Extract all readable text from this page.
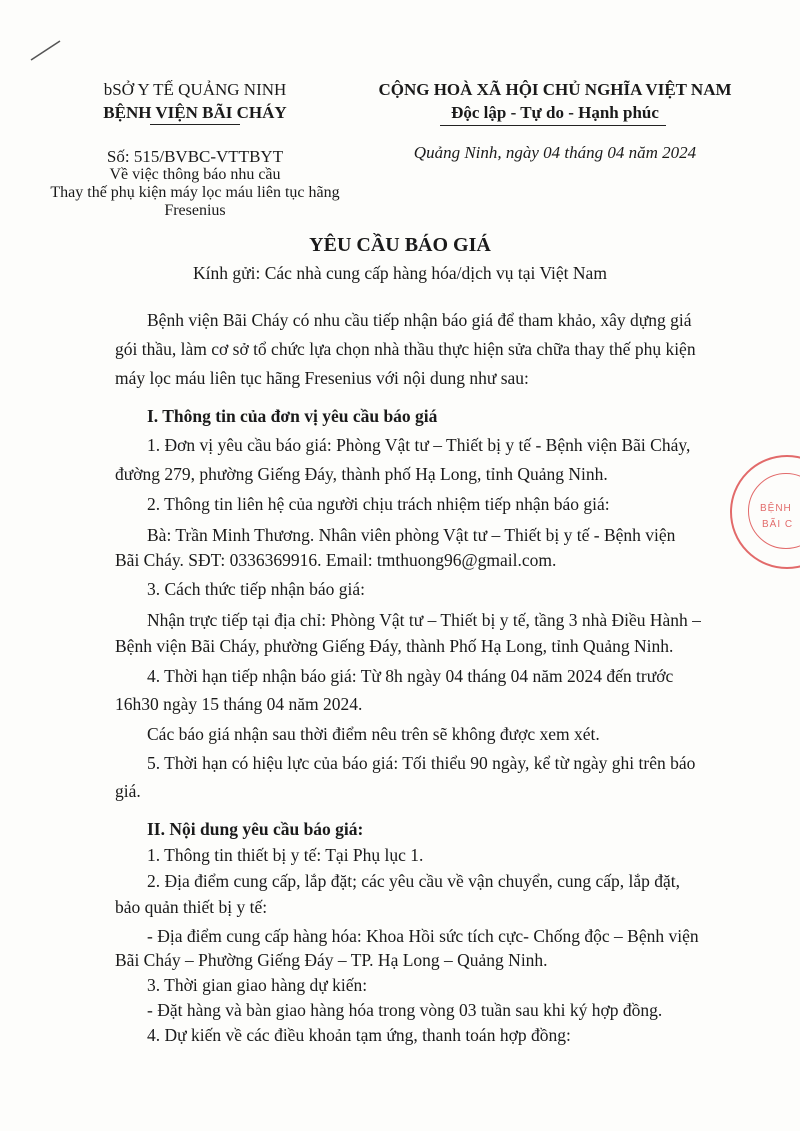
bSỞ Y TẾ QUẢNG NINH
BỆNH VIỆN BÃI CHÁY
Số: 515/BVBC-VTTBYT
Về việc thông báo nhu cầu
Thay thế phụ kiện máy lọc máu liên tục hãng
Fresenius
CỘNG HOÀ XÃ HỘI CHỦ NGHĨA VIỆT NAM
Độc lập - Tự do - Hạnh phúc
Quảng Ninh, ngày 04 tháng 04 năm 2024
YÊU CẦU BÁO GIÁ
Kính gửi: Các nhà cung cấp hàng hóa/dịch vụ tại Việt Nam
Bệnh viện Bãi Cháy có nhu cầu tiếp nhận báo giá để tham khảo, xây dựng giá
gói thầu, làm cơ sở tổ chức lựa chọn nhà thầu thực hiện sửa chữa thay thế phụ kiện
máy lọc máu liên tục hãng Fresenius với nội dung như sau:
I. Thông tin của đơn vị yêu cầu báo giá
1. Đơn vị yêu cầu báo giá: Phòng Vật tư – Thiết bị y tế - Bệnh viện Bãi Cháy,
đường 279, phường Giếng Đáy, thành phố Hạ Long, tỉnh Quảng Ninh.
2. Thông tin liên hệ của người chịu trách nhiệm tiếp nhận báo giá:
Bà: Trần Minh Thương. Nhân viên phòng Vật tư – Thiết bị y tế - Bệnh viện
Bãi Cháy. SĐT: 0336369916. Email: tmthuong96@gmail.com.
3. Cách thức tiếp nhận báo giá:
Nhận trực tiếp tại địa chỉ: Phòng Vật tư – Thiết bị y tế, tầng 3 nhà Điều Hành –
Bệnh viện Bãi Cháy, phường Giếng Đáy, thành Phố Hạ Long, tỉnh Quảng Ninh.
4. Thời hạn tiếp nhận báo giá: Từ 8h ngày 04 tháng 04 năm 2024 đến trước
16h30 ngày 15 tháng 04 năm 2024.
Các báo giá nhận sau thời điểm nêu trên sẽ không được xem xét.
5. Thời hạn có hiệu lực của báo giá: Tối thiểu 90 ngày, kể từ ngày ghi trên báo
giá.
II. Nội dung yêu cầu báo giá:
1. Thông tin thiết bị y tế: Tại Phụ lục 1.
2. Địa điểm cung cấp, lắp đặt; các yêu cầu về vận chuyển, cung cấp, lắp đặt,
bảo quản thiết bị y tế:
- Địa điểm cung cấp hàng hóa: Khoa Hồi sức tích cực- Chống độc – Bệnh viện
Bãi Cháy – Phường Giếng Đáy – TP. Hạ Long – Quảng Ninh.
3. Thời gian giao hàng dự kiến:
- Đặt hàng và bàn giao hàng hóa trong vòng 03 tuần sau khi ký hợp đồng.
4. Dự kiến về các điều khoản tạm ứng, thanh toán hợp đồng:
BỆNH
BÃI C
